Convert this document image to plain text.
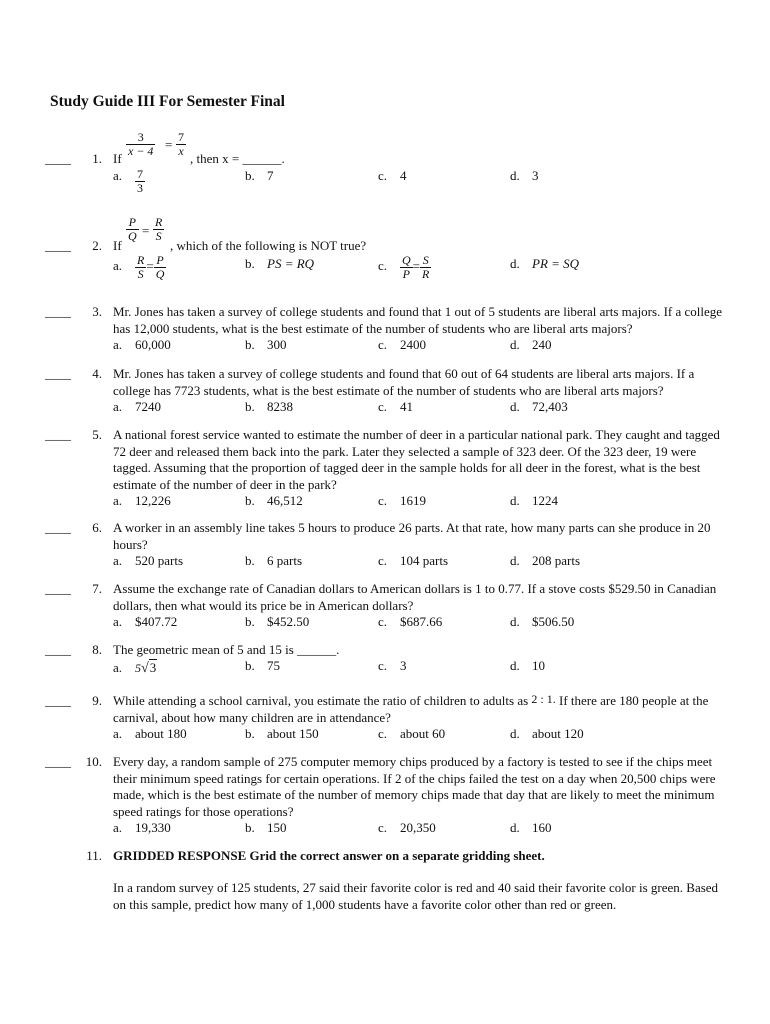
Study Guide III For Semester Final
$\frac{3}{x - 4} = \frac{7}{x}$
____	1. If	, then x = ______.
a. $\frac{7}{3}$	b. 7	c. 4	d. 3
$\frac{P}{Q} = \frac{R}{S}$
____	2. If	, which of the following is NOT true?
a. $\frac{R}{S} = \frac{P}{Q}$	b. PS = RQ	c. $\frac{Q}{P} = \frac{S}{R}$	d. PR = SQ
____	3. Mr. Jones has taken a survey of college students and found that 1 out of 5 students are liberal arts majors. If a college has 12,000 students, what is the best estimate of the number of students who are liberal arts majors?
a. 60,000	b. 300	c. 2400	d. 240
____	4. Mr. Jones has taken a survey of college students and found that 60 out of 64 students are liberal arts majors. If a college has 7723 students, what is the best estimate of the number of students who are liberal arts majors?
a. 7240	b. 8238	c. 41	d. 72,403
____	5. A national forest service wanted to estimate the number of deer in a particular national park. They caught and tagged 72 deer and released them back into the park. Later they selected a sample of 323 deer. Of the 323 deer, 19 were tagged. Assuming that the proportion of tagged deer in the sample holds for all deer in the forest, what is the best estimate of the number of deer in the park?
a. 12,226	b. 46,512	c. 1619	d. 1224
____	6. A worker in an assembly line takes 5 hours to produce 26 parts. At that rate, how many parts can she produce in 20 hours?
a. 520 parts	b. 6 parts	c. 104 parts	d. 208 parts
____	7. Assume the exchange rate of Canadian dollars to American dollars is 1 to 0.77. If a stove costs $529.50 in Canadian dollars, then what would its price be in American dollars?
a. $407.72	b. $452.50	c. $687.66	d. $506.50
____	8. The geometric mean of 5 and 15 is ______.
a. 5√3	b. 75	c. 3	d. 10
____	9. While attending a school carnival, you estimate the ratio of children to adults as 2 : 1. If there are 180 people at the carnival, about how many children are in attendance?
a. about 180	b. about 150	c. about 60	d. about 120
____	10. Every day, a random sample of 275 computer memory chips produced by a factory is tested to see if the chips meet their minimum speed ratings for certain operations. If 2 of the chips failed the test on a day when 20,500 chips were made, which is the best estimate of the number of memory chips made that day that are likely to meet the minimum speed ratings for those operations?
a. 19,330	b. 150	c. 20,350	d. 160
11. GRIDDED RESPONSE Grid the correct answer on a separate gridding sheet.
In a random survey of 125 students, 27 said their favorite color is red and 40 said their favorite color is green. Based on this sample, predict how many of 1,000 students have a favorite color other than red or green.
